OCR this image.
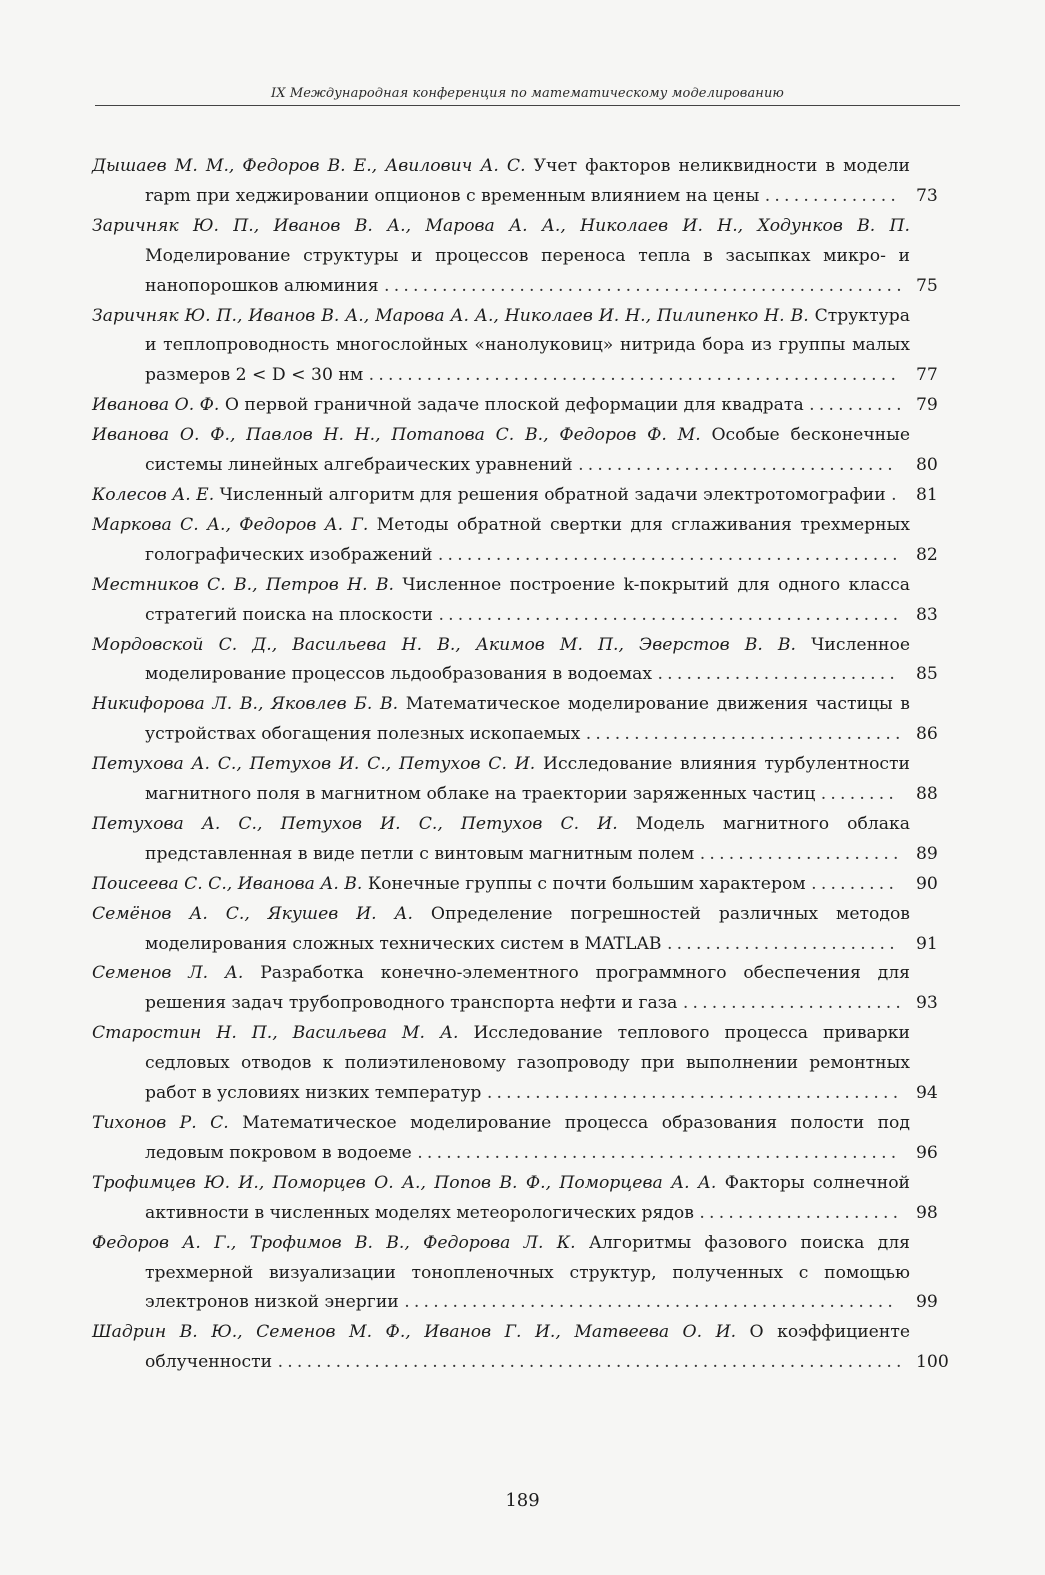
IX Международная конференция по математическому моделированию
Дышаев М. М., Федоров В. Е., Авилович А. С. Учет факторов неликвидности в модели rapm при хеджировании опционов с временным влиянием на цены .............. 73
Заричняк Ю. П., Иванов В. А., Марова А. А., Николаев И. Н., Ходунков В. П. Моделирование структуры и процессов переноса тепла в засыпках микро- и нанопорошков алюминия ...................................................... 75
Заричняк Ю. П., Иванов В. А., Марова А. А., Николаев И. Н., Пилипенко Н. В. Структура и теплопроводность многослойных «нанолуковиц» нитрида бора из группы малых размеров 2 < D < 30 нм ....................................................... 77
Иванова О. Ф. О первой граничной задаче плоской деформации для квадрата .......... 79
Иванова О. Ф., Павлов Н. Н., Потапова С. В., Федоров Ф. М. Особые бесконечные системы линейных алгебраических уравнений ................................. 80
Колесов А. Е. Численный алгоритм для решения обратной задачи электротомографии . 81
Маркова С. А., Федоров А. Г. Методы обратной свертки для сглаживания трехмерных голографических изображений ................................................ 82
Местников С. В., Петров Н. В. Численное построение k-покрытий для одного класса стратегий поиска на плоскости ................................................ 83
Мордовской С. Д., Васильева Н. В., Акимов М. П., Эверстов В. В. Численное моделирование процессов льдообразования в водоемах ......................... 85
Никифорова Л. В., Яковлев Б. В. Математическое моделирование движения частицы в устройствах обогащения полезных ископаемых ................................. 86
Петухова А. С., Петухов И. С., Петухов С. И. Исследование влияния турбулентности магнитного поля в магнитном облаке на траектории заряженных частиц ........ 88
Петухова А. С., Петухов И. С., Петухов С. И. Модель магнитного облака представленная в виде петли с винтовым магнитным полем ..................... 89
Поисеева С. С., Иванова А. В. Конечные группы с почти большим характером ......... 90
Семёнов А. С., Якушев И. А. Определение погрешностей различных методов моделирования сложных технических систем в MATLAB ........................ 91
Семенов Л. А. Разработка конечно-элементного программного обеспечения для решения задач трубопроводного транспорта нефти и газа ....................... 93
Старостин Н. П., Васильева М. А. Исследование теплового процесса приварки седловых отводов к полиэтиленовому газопроводу при выполнении ремонтных работ в условиях низких температур ........................................... 94
Тихонов Р. С. Математическое моделирование процесса образования полости под ледовым покровом в водоеме .................................................. 96
Трофимцев Ю. И., Поморцев О. А., Попов В. Ф., Поморцева А. А. Факторы солнечной активности в численных моделях метеорологических рядов ..................... 98
Федоров А. Г., Трофимов В. В., Федорова Л. К. Алгоритмы фазового поиска для трехмерной визуализации тонопленочных структур, полученных с помощью электронов низкой энергии ................................................... 99
Шадрин В. Ю., Семенов М. Ф., Иванов Г. И., Матвеева О. И. О коэффициенте облученности ................................................................. 100
189
